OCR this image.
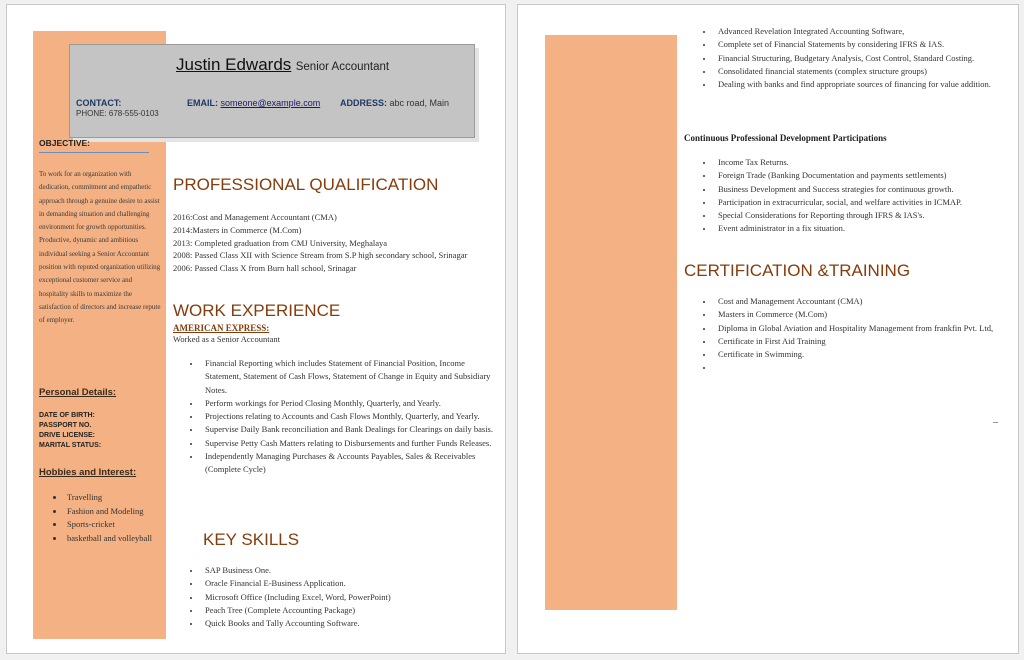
Justin Edwards Senior Accountant
CONTACT:
PHONE: 678-555-0103
EMAIL: someone@example.com ADDRESS: abc road, Main
OBJECTIVE:
To work for an organization with dedication, commitment and empathetic approach through a genuine desire to assist in demanding situation and challenging environment for growth opportunities. Productive, dynamic and ambitious individual seeking a Senior Accountant position with reputed organization utilizing exceptional customer service and hospitality skills to maximize the satisfaction of directors and increase repute of employer.
Personal Details:
DATE OF BIRTH:
PASSPORT NO.
DRIVE LICENSE:
MARITAL STATUS:
Hobbies and Interest:
• Travelling
• Fashion and Modeling
• Sports-cricket
• basketball and volleyball
PROFESSIONAL QUALIFICATION
2016:Cost and Management Accountant (CMA)
2014:Masters in Commerce (M.Com)
2013: Completed graduation from CMJ University, Meghalaya
2008: Passed Class XII with Science Stream from S.P high secondary school, Srinagar
2006: Passed Class X from Burn hall school, Srinagar
WORK EXPERIENCE
AMERICAN EXPRESS:
Worked as a Senior Accountant
• Financial Reporting which includes Statement of Financial Position, Income Statement, Statement of Cash Flows, Statement of Change in Equity and Subsidiary Notes.
• Perform workings for Period Closing Monthly, Quarterly, and Yearly.
• Projections relating to Accounts and Cash Flows Monthly, Quarterly, and Yearly.
• Supervise Daily Bank reconciliation and Bank Dealings for Clearings on daily basis.
• Supervise Petty Cash Matters relating to Disbursements and further Funds Releases.
• Independently Managing Purchases & Accounts Payables, Sales & Receivables (Complete Cycle)
KEY SKILLS
• SAP Business One.
• Oracle Financial E-Business Application.
• Microsoft Office (Including Excel, Word, PowerPoint)
• Peach Tree (Complete Accounting Package)
• Quick Books and Tally Accounting Software.
• Advanced Revelation Integrated Accounting Software,
• Complete set of Financial Statements by considering IFRS & IAS.
• Financial Structuring, Budgetary Analysis, Cost Control, Standard Costing.
• Consolidated financial statements (complex structure groups)
• Dealing with banks and find appropriate sources of financing for value addition.
Continuous Professional Development Participations
• Income Tax Returns.
• Foreign Trade (Banking Documentation and payments settlements)
• Business Development and Success strategies for continuous growth.
• Participation in extracurricular, social, and welfare activities in ICMAP.
• Special Considerations for Reporting through IFRS & IAS's.
• Event administrator in a fix situation.
CERTIFICATION &TRAINING
• Cost and Management Accountant (CMA)
• Masters in Commerce (M.Com)
• Diploma in Global Aviation and Hospitality Management from frankfin Pvt. Ltd,
• Certificate in First Aid Training
• Certificate in Swimming.
•
–
